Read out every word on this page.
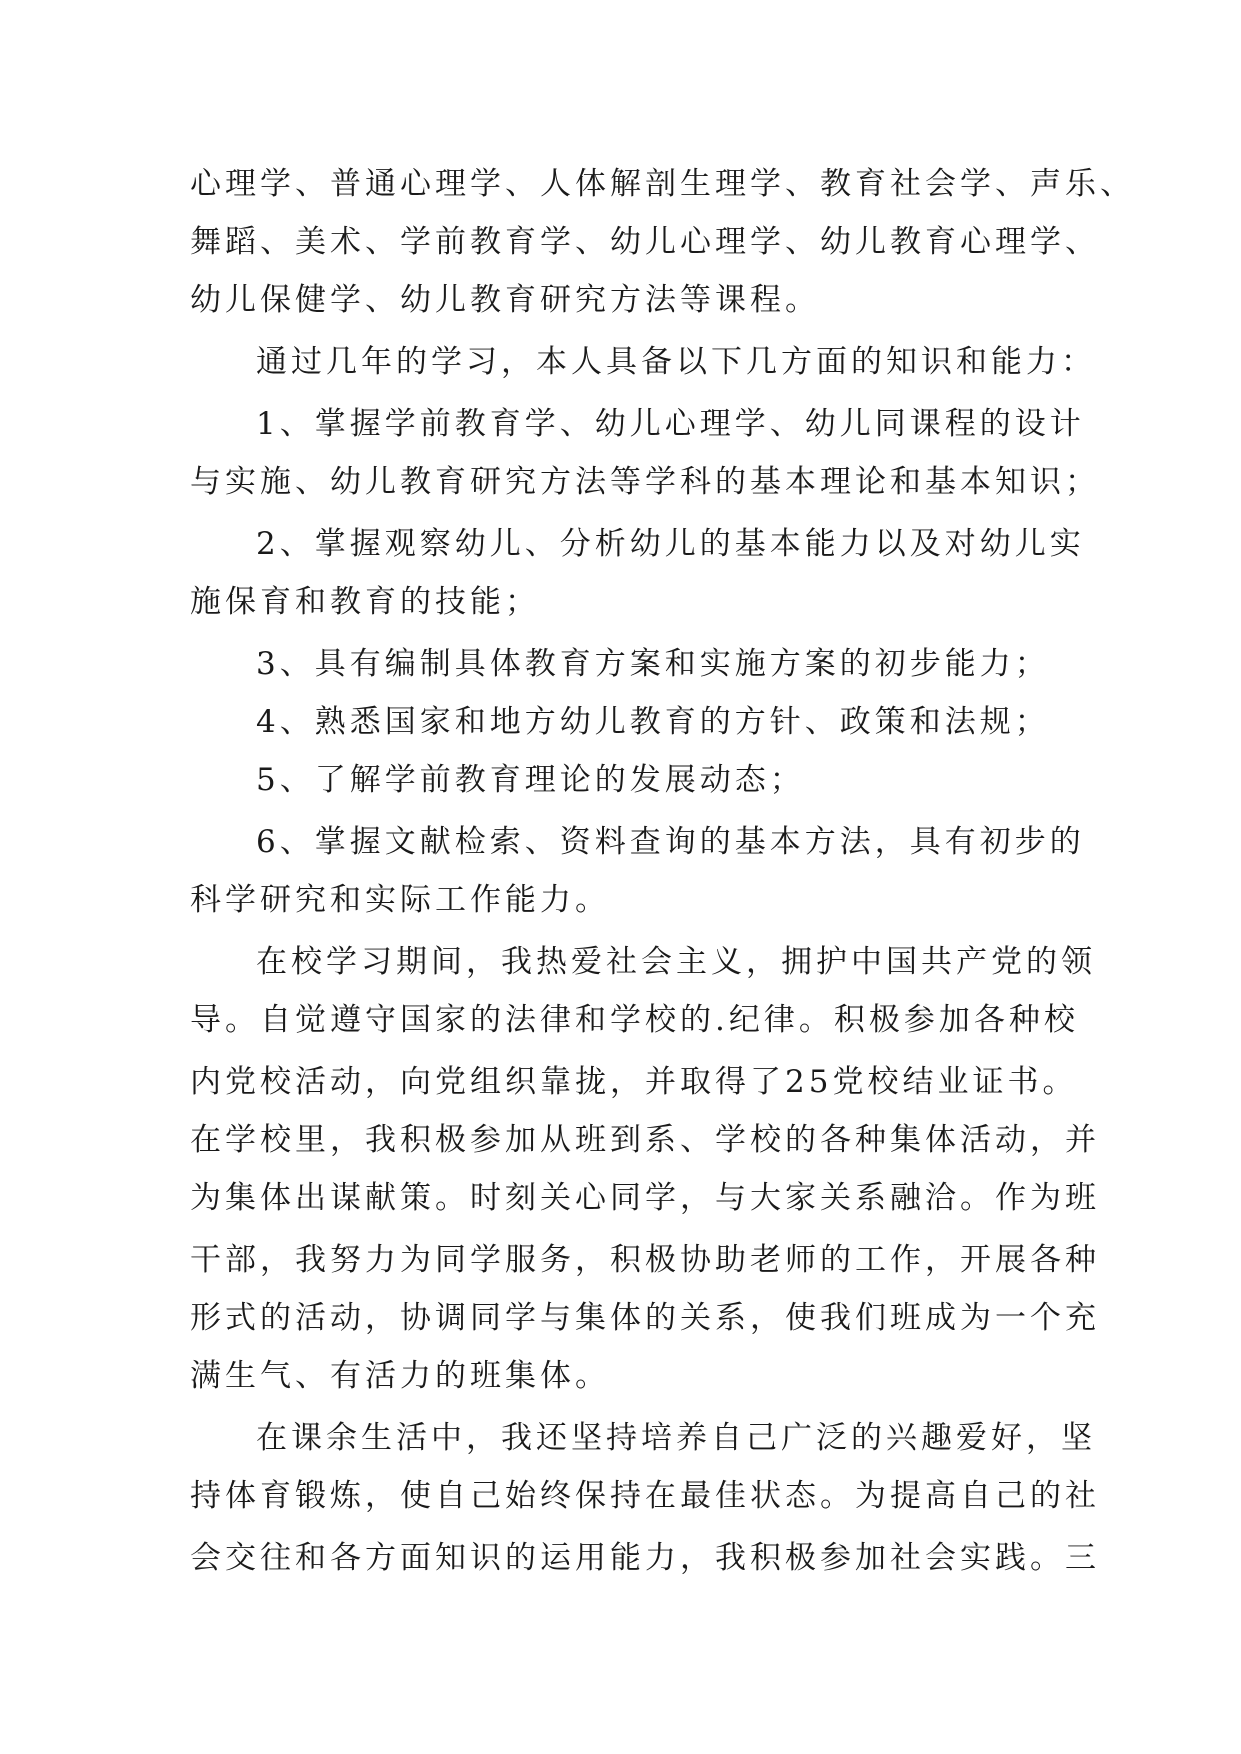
心理学、普通心理学、人体解剖生理学、教育社会学、声乐、
舞蹈、美术、学前教育学、幼儿心理学、幼儿教育心理学、
幼儿保健学、幼儿教育研究方法等课程。
通过几年的学习，本人具备以下几方面的知识和能力：
1、掌握学前教育学、幼儿心理学、幼儿同课程的设计
与实施、幼儿教育研究方法等学科的基本理论和基本知识；
2、掌握观察幼儿、分析幼儿的基本能力以及对幼儿实
施保育和教育的技能；
3、具有编制具体教育方案和实施方案的初步能力；
4、熟悉国家和地方幼儿教育的方针、政策和法规；
5、了解学前教育理论的发展动态；
6、掌握文献检索、资料查询的基本方法，具有初步的
科学研究和实际工作能力。
在校学习期间，我热爱社会主义，拥护中国共产党的领
导。自觉遵守国家的法律和学校的.纪律。积极参加各种校
内党校活动，向党组织靠拢，并取得了25党校结业证书。
在学校里，我积极参加从班到系、学校的各种集体活动，并
为集体出谋献策。时刻关心同学，与大家关系融洽。作为班
干部，我努力为同学服务，积极协助老师的工作，开展各种
形式的活动，协调同学与集体的关系，使我们班成为一个充
满生气、有活力的班集体。
在课余生活中，我还坚持培养自己广泛的兴趣爱好，坚
持体育锻炼，使自己始终保持在最佳状态。为提高自己的社
会交往和各方面知识的运用能力，我积极参加社会实践。三
